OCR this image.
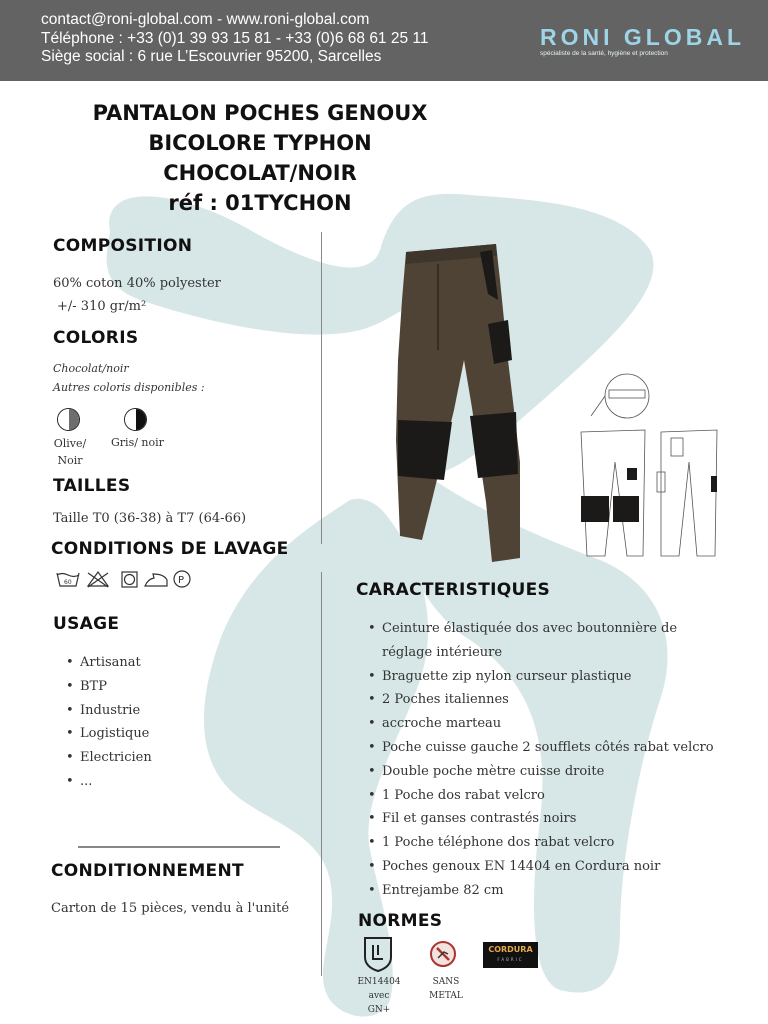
contact@roni-global.com - www.roni-global.com
Téléphone : +33 (0)1 39 93 15 81 - +33 (0)6 68 61 25 11
Siège social : 6 rue L’Escouvrier 95200, Sarcelles
RONI GLOBAL
spécialiste de la santé, hygiène et protection
PANTALON POCHES GENOUX
BICOLORE TYPHON
CHOCOLAT/NOIR
réf : 01TYCHON
COMPOSITION
60% coton 40% polyester
+/- 310 gr/m²
COLORIS
Chocolat/noir
Autres coloris disponibles :
Olive/
Noir
Gris/ noir
TAILLES
Taille T0 (36-38) à T7 (64-66)
CONDITIONS DE LAVAGE
60	P
USAGE
• Artisanat
• BTP
• Industrie
• Logistique
• Electricien
• ...
CONDITIONNEMENT
Carton de 15 pièces, vendu à l'unité
CARACTERISTIQUES
• Ceinture élastiquée dos avec boutonnière de
réglage intérieure
• Braguette zip nylon curseur plastique
• 2 Poches italiennes
• accroche marteau
• Poche cuisse gauche 2 soufflets côtés rabat velcro
• Double poche mètre cuisse droite
• 1 Poche dos rabat velcro
• Fil et ganses contrastés noirs
• 1 Poche téléphone dos rabat velcro
• Poches genoux EN 14404 en Cordura noir
• Entrejambe 82 cm
NORMES
EN14404
avec
GN+
SANS
METAL
CORDURA
FABRIC
